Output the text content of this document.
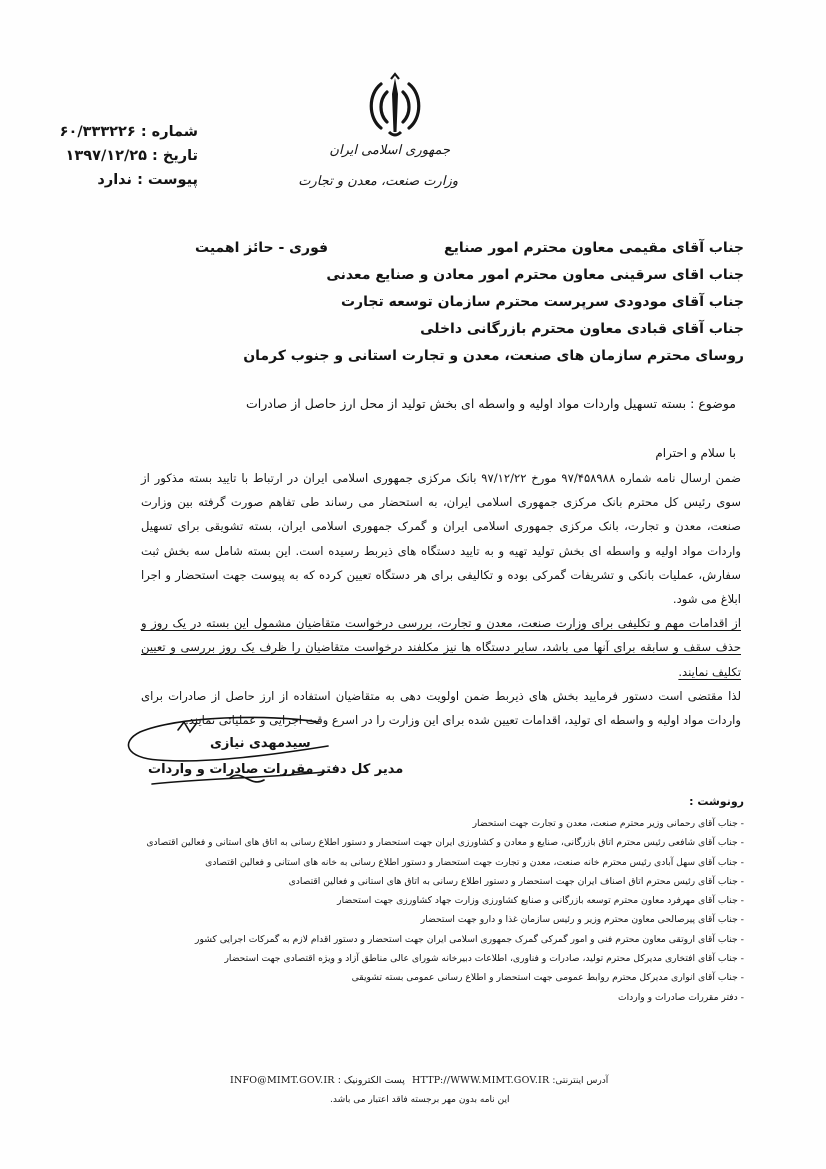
جمهوری اسلامی ایران
وزارت صنعت، معدن و تجارت
شماره : ۶۰/۳۳۳۲۲۶
تاریخ : ۱۳۹۷/۱۲/۲۵
پیوست : ندارد
فوری - حائز اهمیت	جناب آقای مقیمی معاون محترم امور صنایع
جناب اقای سرقینی معاون محترم امور معادن و صنایع معدنی
جناب آقای مودودی سرپرست محترم سازمان توسعه تجارت
جناب آقای قبادی معاون محترم بازرگانی داخلی
روسای محترم سازمان های صنعت، معدن و تجارت استانی و جنوب کرمان
موضوع : بسته تسهیل واردات مواد اولیه و واسطه ای بخش تولید از محل ارز حاصل از صادرات
با سلام و احترام

ضمن ارسال نامه شماره ۹۷/۴۵۸۹۸۸ مورخ ۹۷/۱۲/۲۲ بانک مرکزی جمهوری اسلامی ایران در ارتباط با تایید بسته مذکور از سوی رئیس کل محترم بانک مرکزی جمهوری اسلامی ایران، به استحضار می رساند طی تفاهم صورت گرفته بین وزارت صنعت، معدن و تجارت، بانک مرکزی جمهوری اسلامی ایران و گمرک جمهوری اسلامی ایران، بسته تشویقی برای تسهیل واردات مواد اولیه و واسطه ای بخش تولید تهیه و به تایید دستگاه های ذیربط رسیده است. این بسته شامل سه بخش ثبت سفارش، عملیات بانکی و تشریفات گمرکی بوده و تکالیفی برای هر دستگاه تعیین کرده که به پیوست جهت استحضار و اجرا ابلاغ می شود.

از اقدامات مهم و تکلیفی برای وزارت صنعت، معدن و تجارت، بررسی درخواست متقاضیان مشمول این بسته در یک روز و حذف سقف و سابقه برای آنها می باشد، سایر دستگاه ها نیز مکلفند درخواست متقاضیان را ظرف یک روز بررسی و تعیین تکلیف نمایند.

لذا مقتضی است دستور فرمایید بخش های ذیربط ضمن اولویت دهی به متقاضیان استفاده از ارز حاصل از صادرات برای واردات مواد اولیه و واسطه ای تولید، اقدامات تعیین شده برای این وزارت را در اسرع وقت اجرایی و عملیاتی نمایند.

سیدمهدی نیازی
مدیر کل دفتر مقررات صادرات و واردات
رونوشت :
- جناب آقای رحمانی وزیر محترم صنعت، معدن و تجارت جهت استحضار
- جناب آقای شافعی رئیس محترم اتاق بازرگانی، صنایع و معادن و کشاورزی ایران جهت استحضار و دستور اطلاع رسانی به اتاق های استانی و فعالین اقتصادی
- جناب آقای سهل آبادی رئیس محترم خانه صنعت، معدن و تجارت جهت استحضار و دستور اطلاع رسانی به خانه های استانی و فعالین اقتصادی
- جناب آقای رئیس محترم اتاق اصناف ایران جهت استحضار و دستور اطلاع رسانی به اتاق های استانی و فعالین اقتصادی
- جناب آقای مهرفرد معاون محترم توسعه بازرگانی و صنایع کشاورزی وزارت جهاد کشاورزی جهت استحضار
- جناب آقای پیرصالحی معاون محترم وزیر و رئیس سازمان غذا و دارو جهت استحضار
- جناب آقای اروتقی معاون محترم فنی و امور گمرکی گمرک جمهوری اسلامی ایران جهت استحضار و دستور اقدام لازم به گمرکات اجرایی کشور
- جناب آقای افتخاری مدیرکل محترم تولید، صادرات و فناوری، اطلاعات دبیرخانه شورای عالی مناطق آزاد و ویژه اقتصادی جهت استحضار
- جناب آقای انواری مدیرکل محترم روابط عمومی جهت استحضار و اطلاع رسانی عمومی بسته تشویقی
- دفتر مقررات صادرات و واردات
HTTP://WWW.MIMT.GOV.IR آدرس اینترنتی:
INFO@MIMT.GOV.IR پست الکترونیک :
این نامه بدون مهر برجسته فاقد اعتبار می باشد.
